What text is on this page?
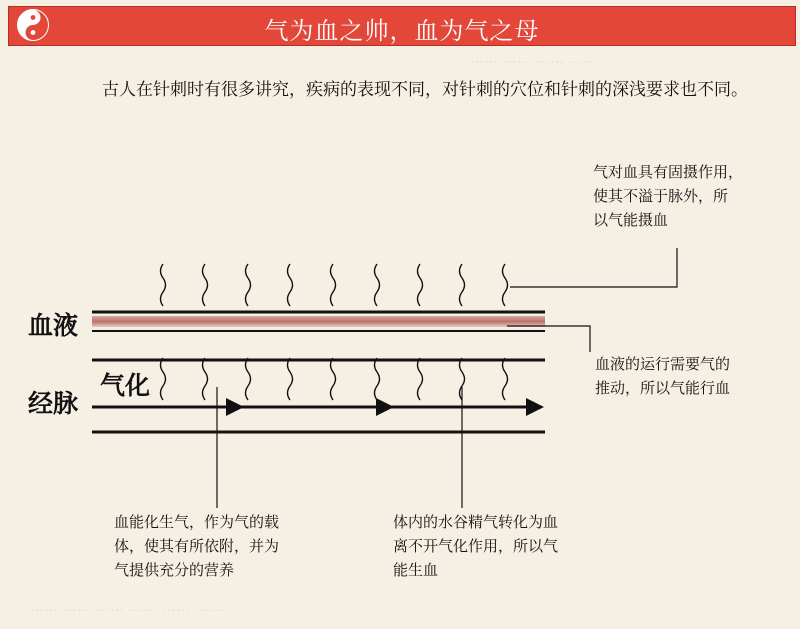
…… …… …… ……
…… …… …… …… …… ……
气为血之帅，血为气之母
古人在针刺时有很多讲究，疾病的表现不同，对针刺的穴位和针刺的深浅要求也不同。
血液
气化
经脉
气对血具有固摄作用，
使其不溢于脉外，所
以气能摄血
血液的运行需要气的
推动，所以气能行血
血能化生气，作为气的载
体，使其有所依附，并为
气提供充分的营养
体内的水谷精气转化为血
离不开气化作用，所以气
能生血
